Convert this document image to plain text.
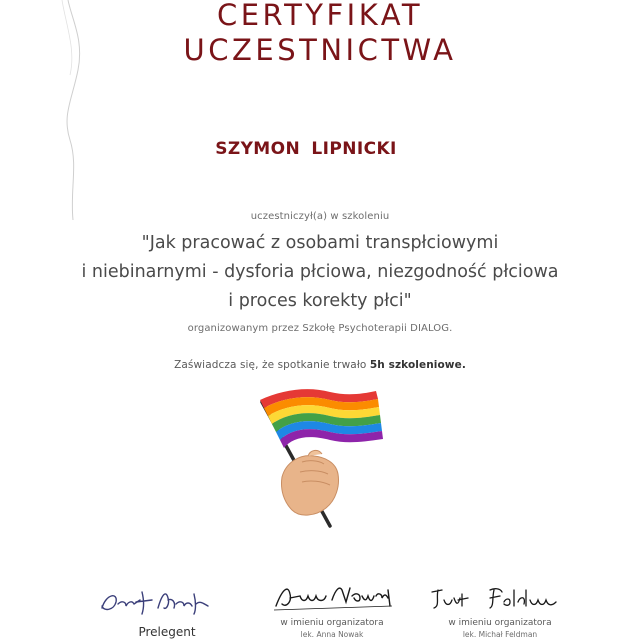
CERTYFIKAT
UCZESTNICTWA
SZYMON LIPNICKI
uczestniczył(a) w szkoleniu
"Jak pracować z osobami transpłciowymi
i niebinarnymi - dysforia płciowa, niezgodność płciowa
i proces korekty płci"
organizowanym przez Szkołę Psychoterapii DIALOG.
Zaświadcza się, że spotkanie trwało 5h szkoleniowe.
Prelegent
w imieniu organizatora
lek. Anna Nowak
w imieniu organizatora
lek. Michał Feldman
